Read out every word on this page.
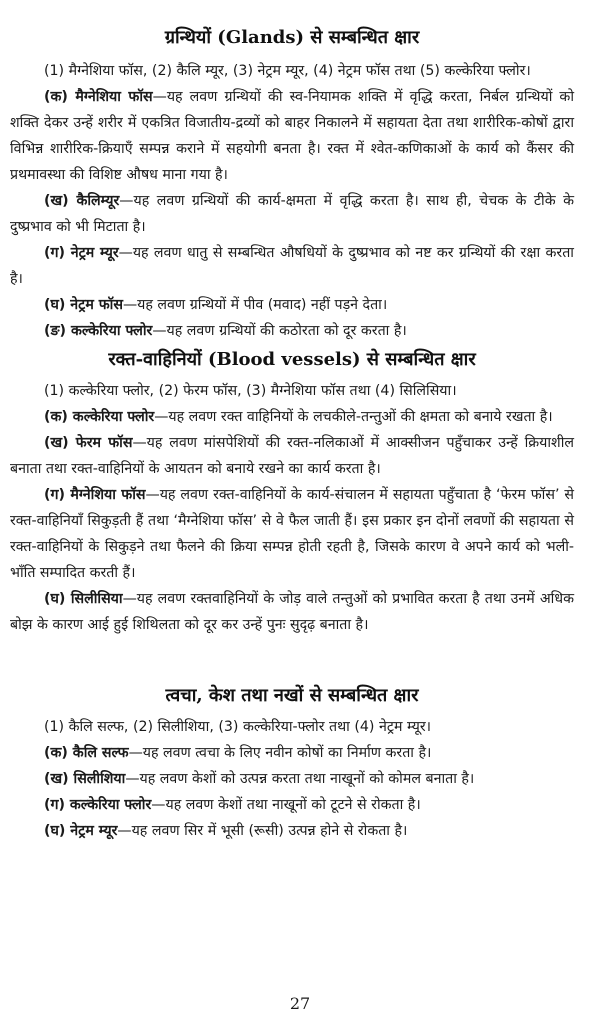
ग्रन्थियों (Glands) से सम्बन्धित क्षार

(1) मैग्नेशिया फॉस, (2) कैलि म्यूर, (3) नेट्रम म्यूर, (4) नेट्रम फॉस तथा (5) कल्केरिया फ्लोर।

(क) मैग्नेशिया फॉस—यह लवण ग्रन्थियों की स्व-नियामक शक्ति में वृद्धि करता, निर्बल ग्रन्थियों को शक्ति देकर उन्हें शरीर में एकत्रित विजातीय-द्रव्यों को बाहर निकालने में सहायता देता तथा शारीरिक-कोषों द्वारा विभिन्न शारीरिक-क्रियाएँ सम्पन्न कराने में सहयोगी बनता है। रक्त में श्वेत-कणिकाओं के कार्य को कैंसर की प्रथमावस्था की विशिष्ट औषध माना गया है।

(ख) कैलिम्यूर—यह लवण ग्रन्थियों की कार्य-क्षमता में वृद्धि करता है। साथ ही, चेचक के टीके के दुष्प्रभाव को भी मिटाता है।

(ग) नेट्रम म्यूर—यह लवण धातु से सम्बन्धित औषधियों के दुष्प्रभाव को नष्ट कर ग्रन्थियों की रक्षा करता है।

(घ) नेट्रम फॉस—यह लवण ग्रन्थियों में पीव (मवाद) नहीं पड़ने देता।

(ङ) कल्केरिया फ्लोर—यह लवण ग्रन्थियों की कठोरता को दूर करता है।

रक्त-वाहिनियों (Blood vessels) से सम्बन्धित क्षार

(1) कल्केरिया फ्लोर, (2) फेरम फॉस, (3) मैग्नेशिया फॉस तथा (4) सिलिसिया।

(क) कल्केरिया फ्लोर—यह लवण रक्त वाहिनियों के लचकीले-तन्तुओं की क्षमता को बनाये रखता है।

(ख) फेरम फॉस—यह लवण मांसपेशियों की रक्त-नलिकाओं में आक्सीजन पहुँचाकर उन्हें क्रियाशील बनाता तथा रक्त-वाहिनियों के आयतन को बनाये रखने का कार्य करता है।

(ग) मैग्नेशिया फॉस—यह लवण रक्त-वाहिनियों के कार्य-संचालन में सहायता पहुँचाता है ‘फेरम फॉस’ से रक्त-वाहिनियाँ सिकुड़ती हैं तथा ‘मैग्नेशिया फॉस’ से वे फैल जाती हैं। इस प्रकार इन दोनों लवणों की सहायता से रक्त-वाहिनियों के सिकुड़ने तथा फैलने की क्रिया सम्पन्न होती रहती है, जिसके कारण वे अपने कार्य को भली-भाँति सम्पादित करती हैं।

(घ) सिलीसिया—यह लवण रक्तवाहिनियों के जोड़ वाले तन्तुओं को प्रभावित करता है तथा उनमें अधिक बोझ के कारण आई हुई शिथिलता को दूर कर उन्हें पुनः सुदृढ़ बनाता है।

त्वचा, केश तथा नखों से सम्बन्धित क्षार

(1) कैलि सल्फ, (2) सिलीशिया, (3) कल्केरिया-फ्लोर तथा (4) नेट्रम म्यूर।

(क) कैलि सल्फ—यह लवण त्वचा के लिए नवीन कोषों का निर्माण करता है।

(ख) सिलीशिया—यह लवण केशों को उत्पन्न करता तथा नाखूनों को कोमल बनाता है।

(ग) कल्केरिया फ्लोर—यह लवण केशों तथा नाखूनों को टूटने से रोकता है।

(घ) नेट्रम म्यूर—यह लवण सिर में भूसी (रूसी) उत्पन्न होने से रोकता है।

27
